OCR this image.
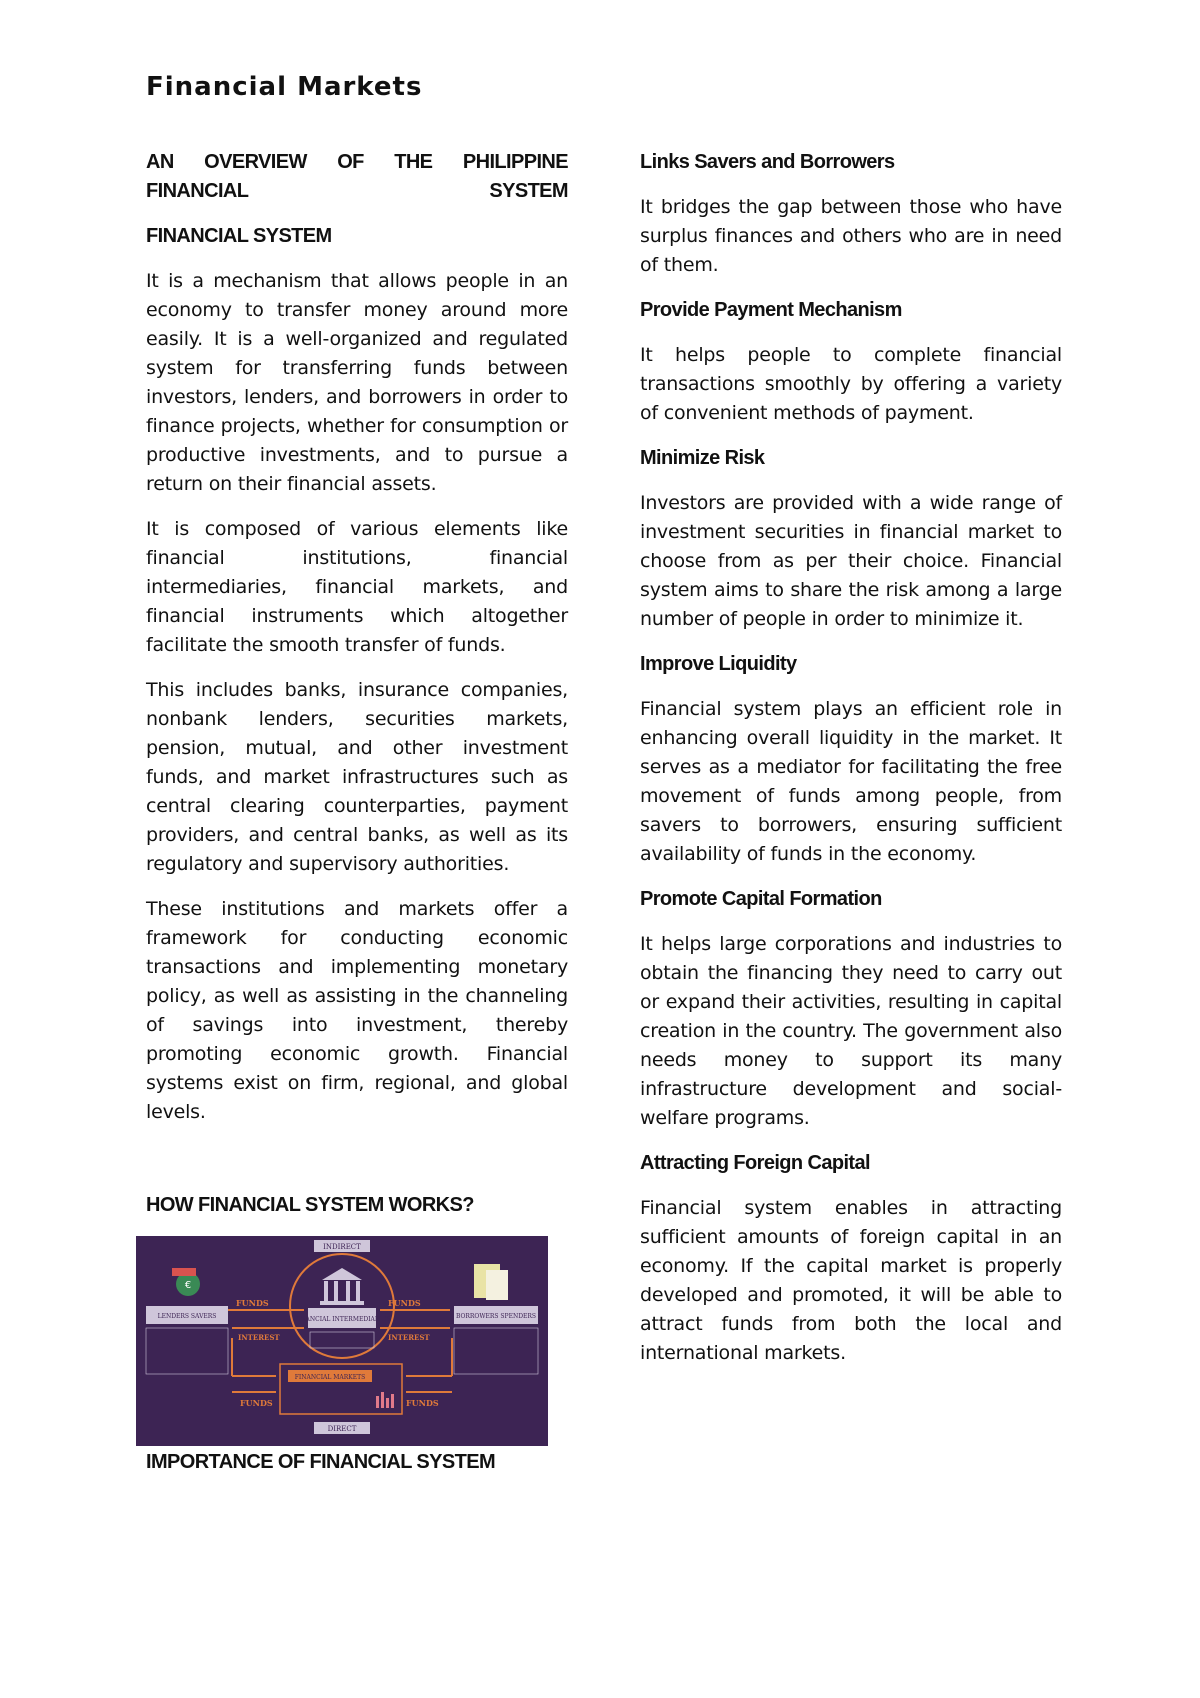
Financial Markets

AN OVERVIEW OF THE PHILIPPINE FINANCIAL SYSTEM

FINANCIAL SYSTEM

It is a mechanism that allows people in an economy to transfer money around more easily. It is a well-organized and regulated system for transferring funds between investors, lenders, and borrowers in order to finance projects, whether for consumption or productive investments, and to pursue a return on their financial assets.

It is composed of various elements like financial institutions, financial intermediaries, financial markets, and financial instruments which altogether facilitate the smooth transfer of funds.

This includes banks, insurance companies, nonbank lenders, securities markets, pension, mutual, and other investment funds, and market infrastructures such as central clearing counterparties, payment providers, and central banks, as well as its regulatory and supervisory authorities.

These institutions and markets offer a framework for conducting economic transactions and implementing monetary policy, as well as assisting in the channeling of savings into investment, thereby promoting economic growth. Financial systems exist on firm, regional, and global levels.

HOW FINANCIAL SYSTEM WORKS?

INDIRECT
FINANCIAL INTERMEDIARIES
€
LENDERS SAVERS	BORROWERS SPENDERS
FUNDS	FUNDS
INTEREST	INTEREST
FUNDS	FUNDS
FINANCIAL MARKETS
DIRECT

IMPORTANCE OF FINANCIAL SYSTEM

Links Savers and Borrowers

It bridges the gap between those who have surplus finances and others who are in need of them.

Provide Payment Mechanism

It helps people to complete financial transactions smoothly by offering a variety of convenient methods of payment.

Minimize Risk

Investors are provided with a wide range of investment securities in financial market to choose from as per their choice. Financial system aims to share the risk among a large number of people in order to minimize it.

Improve Liquidity

Financial system plays an efficient role in enhancing overall liquidity in the market. It serves as a mediator for facilitating the free movement of funds among people, from savers to borrowers, ensuring sufficient availability of funds in the economy.

Promote Capital Formation

It helps large corporations and industries to obtain the financing they need to carry out or expand their activities, resulting in capital creation in the country. The government also needs money to support its many infrastructure development and social-welfare programs.

Attracting Foreign Capital

Financial system enables in attracting sufficient amounts of foreign capital in an economy. If the capital market is properly developed and promoted, it will be able to attract funds from both the local and international markets.
